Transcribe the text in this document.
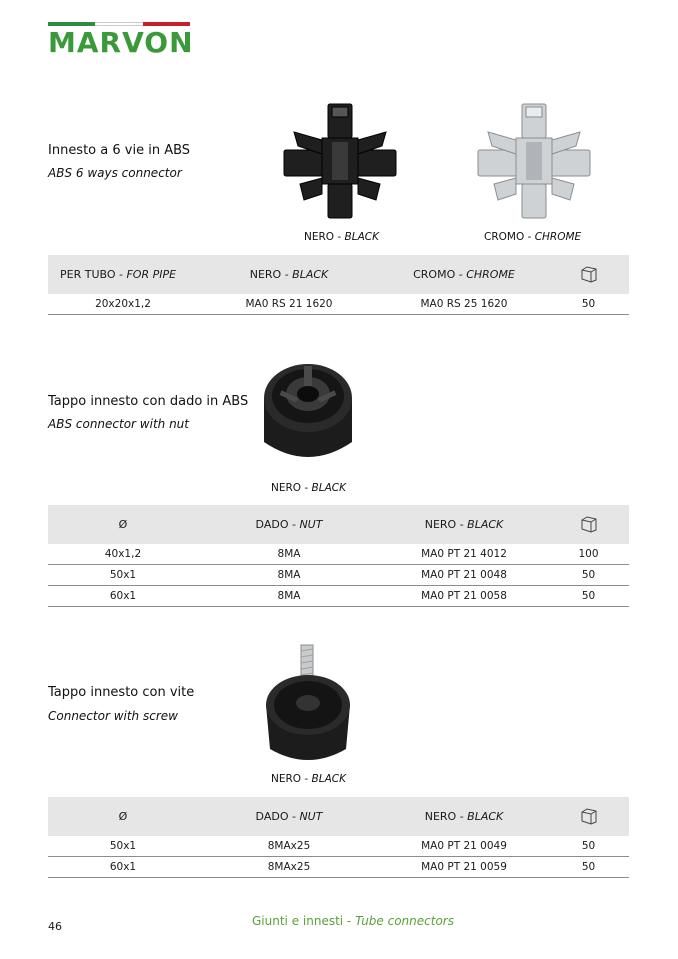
MARVON
Innesto a 6 vie in ABS
ABS 6 ways connector
NERO - BLACK	CROMO - CHROME
PER TUBO - FOR PIPE	NERO - BLACK	CROMO - CHROME
20x20x1,2	MA0 RS 21 1620	MA0 RS 25 1620	50
Tappo innesto con dado in ABS
ABS connector with nut
NERO - BLACK
Ø	DADO - NUT	NERO - BLACK
40x1,2	8MA	MA0 PT 21 4012	100
50x1	8MA	MA0 PT 21 0048	50
60x1	8MA	MA0 PT 21 0058	50
Tappo innesto con vite
Connector with screw
NERO - BLACK
Ø	DADO - NUT	NERO - BLACK
50x1	8MAx25	MA0 PT 21 0049	50
60x1	8MAx25	MA0 PT 21 0059	50
46	Giunti e innesti - Tube connectors
